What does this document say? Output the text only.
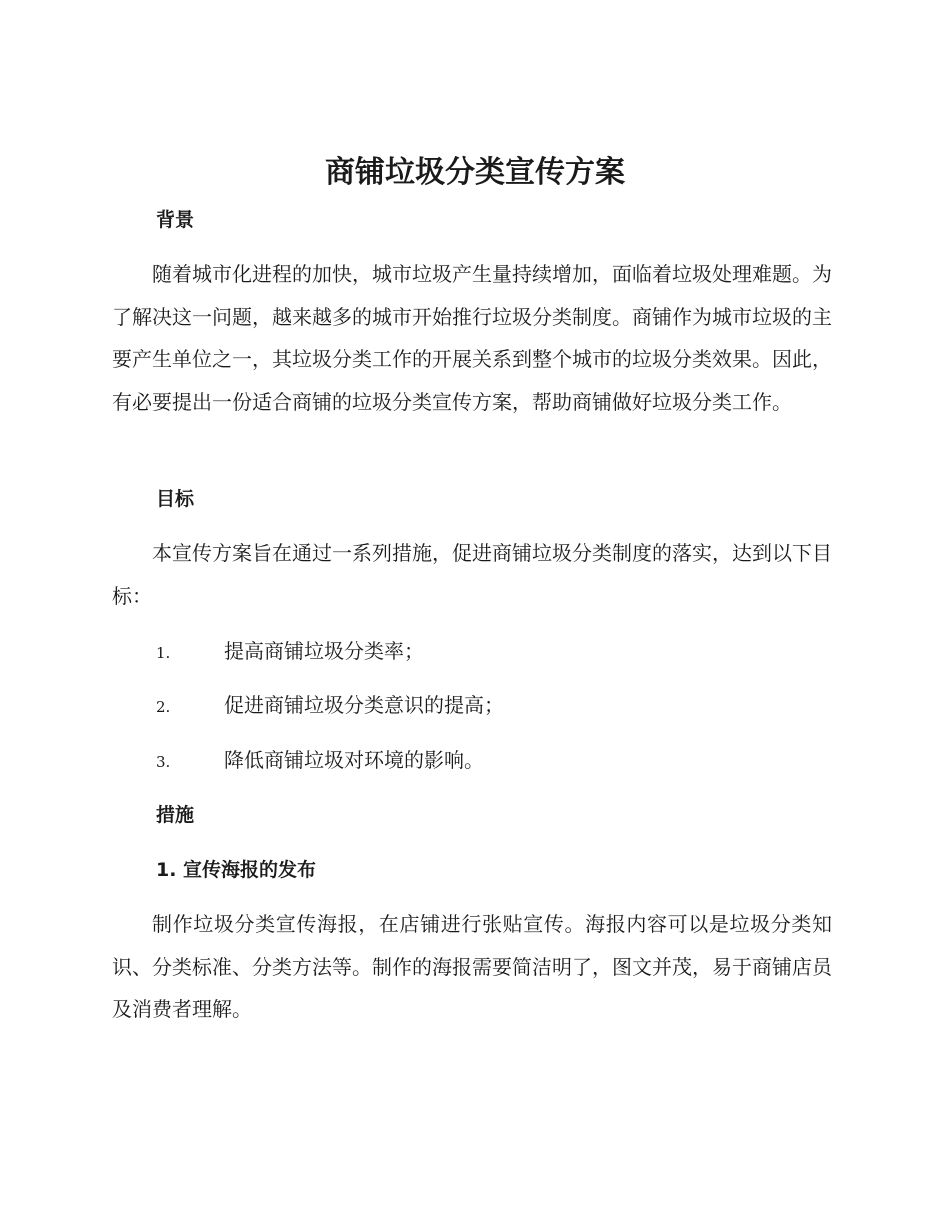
商铺垃圾分类宣传方案
背景

随着城市化进程的加快，城市垃圾产生量持续增加，面临着垃圾处理难题。为了解决这一问题，越来越多的城市开始推行垃圾分类制度。商铺作为城市垃圾的主要产生单位之一，其垃圾分类工作的开展关系到整个城市的垃圾分类效果。因此，有必要提出一份适合商铺的垃圾分类宣传方案，帮助商铺做好垃圾分类工作。

目标

本宣传方案旨在通过一系列措施，促进商铺垃圾分类制度的落实，达到以下目标：

1.	提高商铺垃圾分类率；
2.	促进商铺垃圾分类意识的提高；
3.	降低商铺垃圾对环境的影响。
措施
1. 宣传海报的发布

制作垃圾分类宣传海报，在店铺进行张贴宣传。海报内容可以是垃圾分类知识、分类标准、分类方法等。制作的海报需要简洁明了，图文并茂，易于商铺店员及消费者理解。
